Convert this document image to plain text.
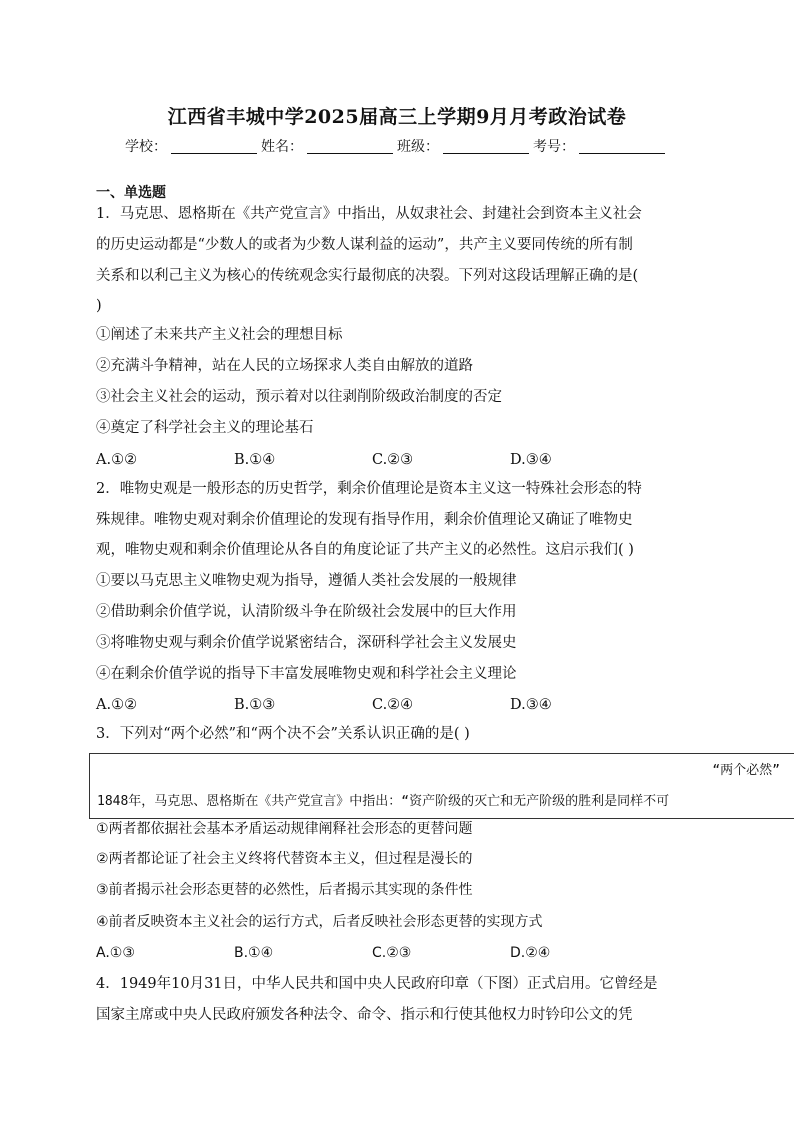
江西省丰城中学2025届高三上学期9月月考政治试卷
学校：	姓名：	班级：	考号：
一、单选题
1．马克思、恩格斯在《共产党宣言》中指出，从奴隶社会、封建社会到资本主义社会
的历史运动都是“少数人的或者为少数人谋利益的运动”，共产主义要同传统的所有制
关系和以利己主义为核心的传统观念实行最彻底的决裂。下列对这段话理解正确的是(
)
①阐述了未来共产主义社会的理想目标
②充满斗争精神，站在人民的立场探求人类自由解放的道路
③社会主义社会的运动，预示着对以往剥削阶级政治制度的否定
④奠定了科学社会主义的理论基石
A.①②	B.①④	C.②③	D.③④
2．唯物史观是一般形态的历史哲学，剩余价值理论是资本主义这一特殊社会形态的特
殊规律。唯物史观对剩余价值理论的发现有指导作用，剩余价值理论又确证了唯物史
观，唯物史观和剩余价值理论从各自的角度论证了共产主义的必然性。这启示我们( )
①要以马克思主义唯物史观为指导，遵循人类社会发展的一般规律
②借助剩余价值学说，认清阶级斗争在阶级社会发展中的巨大作用
③将唯物史观与剩余价值学说紧密结合，深研科学社会主义发展史
④在剩余价值学说的指导下丰富发展唯物史观和科学社会主义理论
A.①②	B.①③	C.②④	D.③④
3．下列对“两个必然”和“两个决不会”关系认识正确的是( )
“两个必然”
1848年，马克思、恩格斯在《共产党宣言》中指出：“资产阶级的灭亡和无产阶级的胜利是同样不可
①两者都依据社会基本矛盾运动规律阐释社会形态的更替问题
②两者都论证了社会主义终将代替资本主义，但过程是漫长的
③前者揭示社会形态更替的必然性，后者揭示其实现的条件性
④前者反映资本主义社会的运行方式，后者反映社会形态更替的实现方式
A.①③	B.①④	C.②③	D.②④
4．1949年10月31日，中华人民共和国中央人民政府印章（下图）正式启用。它曾经是
国家主席或中央人民政府颁发各种法令、命令、指示和行使其他权力时钤印公文的凭
